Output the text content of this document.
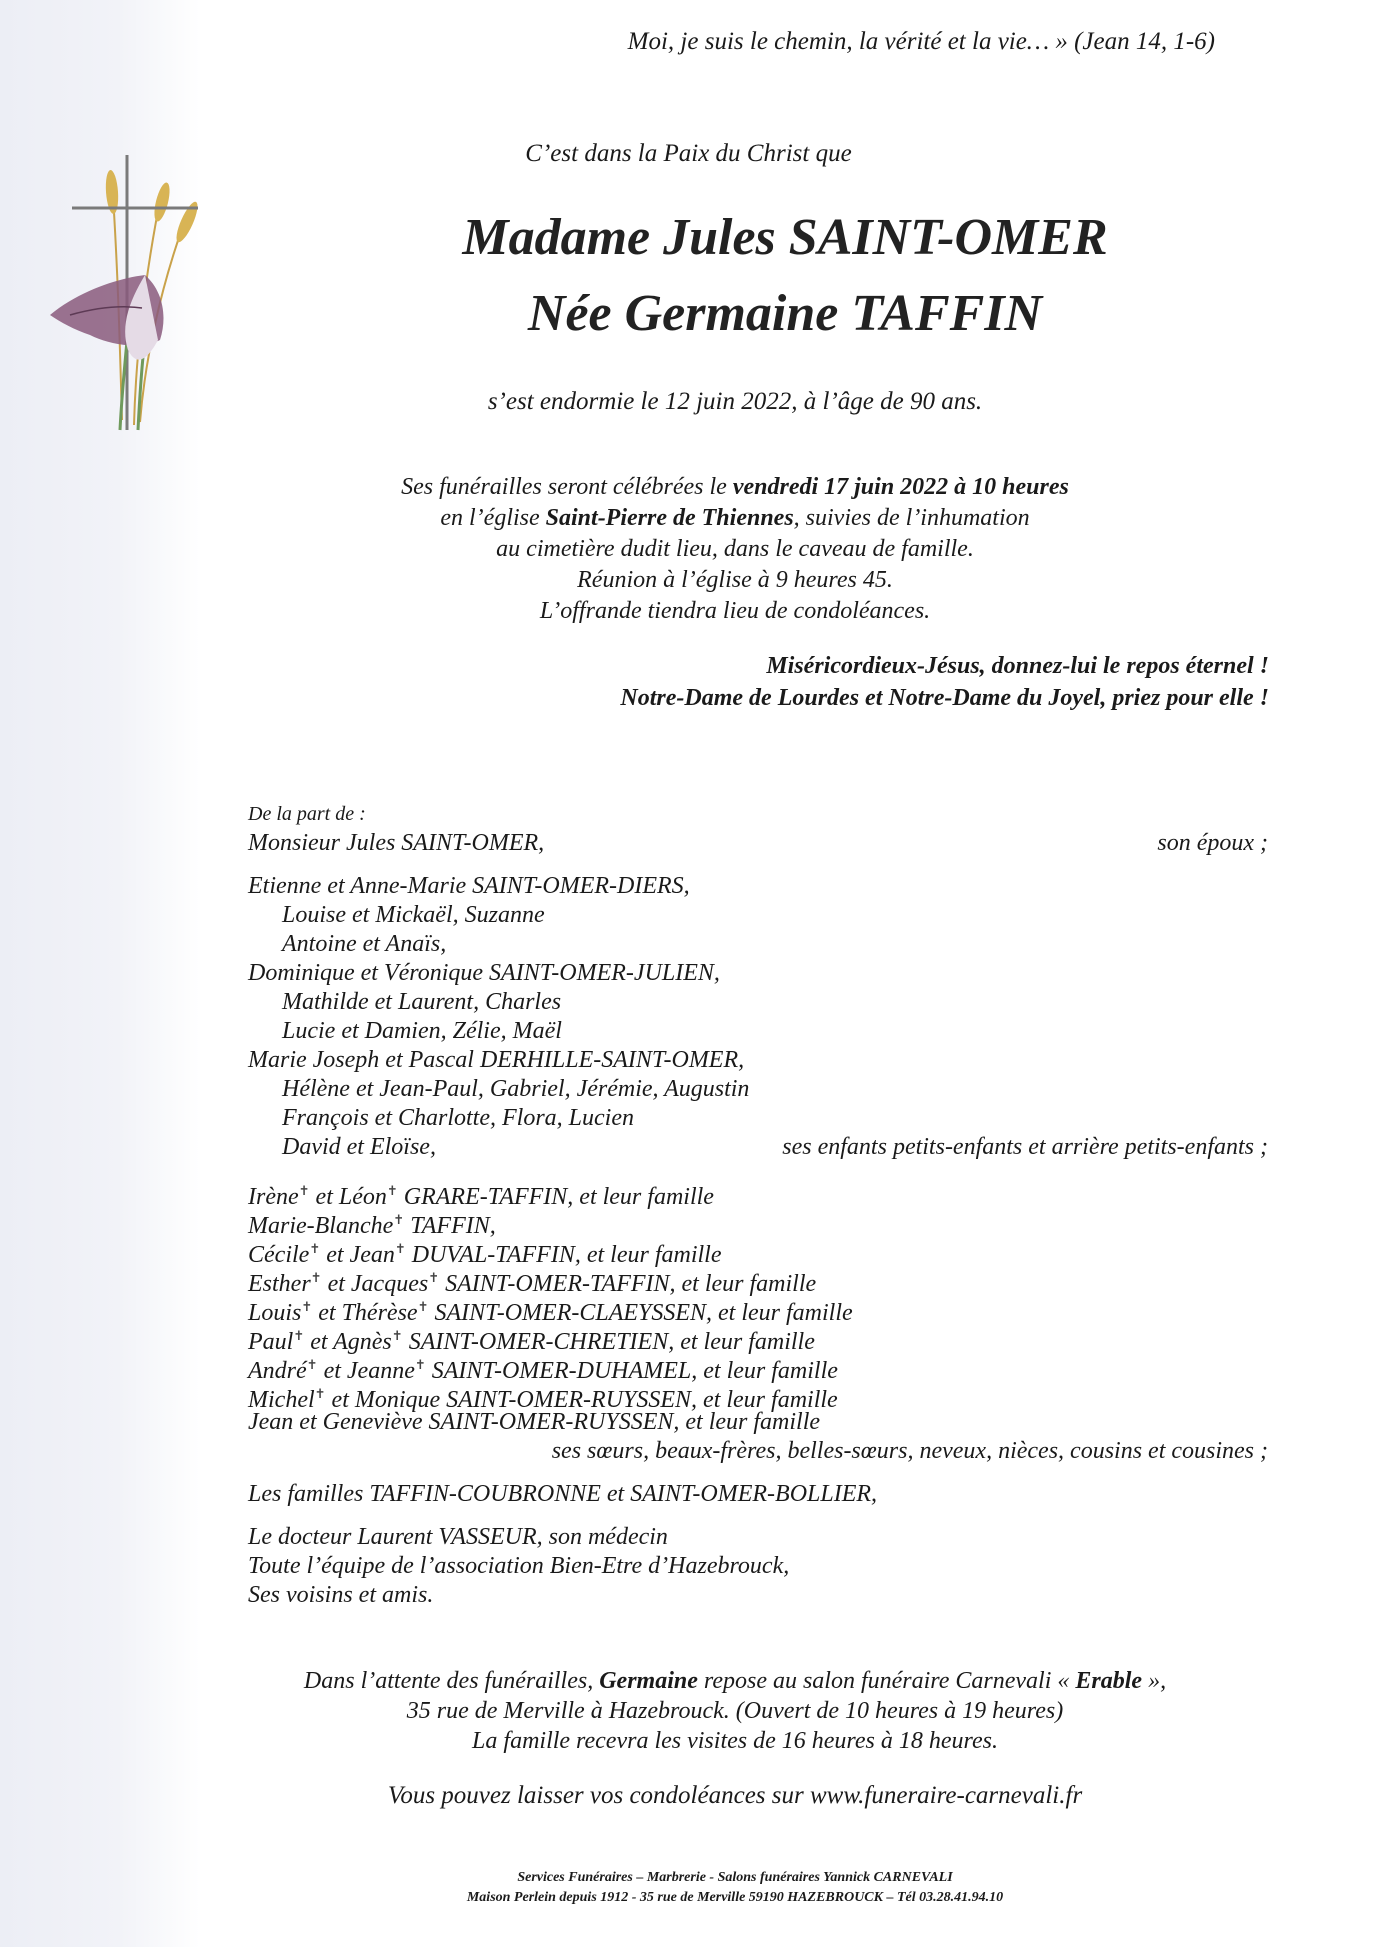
Moi, je suis le chemin, la vérité et la vie… » (Jean 14, 1-6)

C’est dans la Paix du Christ que

Madame Jules SAINT-OMER

Née Germaine TAFFIN

s’est endormie le 12 juin 2022, à l’âge de 90 ans.

Ses funérailles seront célébrées le vendredi 17 juin 2022 à 10 heures
en l’église Saint-Pierre de Thiennes, suivies de l’inhumation
au cimetière dudit lieu, dans le caveau de famille.
Réunion à l’église à 9 heures 45.
L’offrande tiendra lieu de condoléances.
Miséricordieux-Jésus, donnez-lui le repos éternel !
Notre-Dame de Lourdes et Notre-Dame du Joyel, priez pour elle !
De la part de :
Monsieur Jules SAINT-OMER,	son époux ;
Etienne et Anne-Marie SAINT-OMER-DIERS,
Louise et Mickaël, Suzanne
Antoine et Anaïs,
Dominique et Véronique SAINT-OMER-JULIEN,
Mathilde et Laurent, Charles
Lucie et Damien, Zélie, Maël
Marie Joseph et Pascal DERHILLE-SAINT-OMER,
Hélène et Jean-Paul, Gabriel, Jérémie, Augustin
François et Charlotte, Flora, Lucien
David et Eloïse,	ses enfants petits-enfants et arrière petits-enfants ;
Irène✝ et Léon✝ GRARE-TAFFIN, et leur famille
Marie-Blanche✝ TAFFIN,
Cécile✝ et Jean✝ DUVAL-TAFFIN, et leur famille
Esther✝ et Jacques✝ SAINT-OMER-TAFFIN, et leur famille
Louis✝ et Thérèse✝ SAINT-OMER-CLAEYSSEN, et leur famille
Paul✝ et Agnès✝ SAINT-OMER-CHRETIEN, et leur famille
André✝ et Jeanne✝ SAINT-OMER-DUHAMEL, et leur famille
Michel✝ et Monique SAINT-OMER-RUYSSEN, et leur famille
Jean et Geneviève SAINT-OMER-RUYSSEN, et leur famille
ses sœurs, beaux-frères, belles-sœurs, neveux, nièces, cousins et cousines ;
Les familles TAFFIN-COUBRONNE et SAINT-OMER-BOLLIER,
Le docteur Laurent VASSEUR, son médecin
Toute l’équipe de l’association Bien-Etre d’Hazebrouck,
Ses voisins et amis.
Dans l’attente des funérailles, Germaine repose au salon funéraire Carnevali « Erable »,
35 rue de Merville à Hazebrouck. (Ouvert de 10 heures à 19 heures)
La famille recevra les visites de 16 heures à 18 heures.

Vous pouvez laisser vos condoléances sur www.funeraire-carnevali.fr

Services Funéraires – Marbrerie - Salons funéraires Yannick CARNEVALI
Maison Perlein depuis 1912 - 35 rue de Merville 59190 HAZEBROUCK – Tél 03.28.41.94.10
